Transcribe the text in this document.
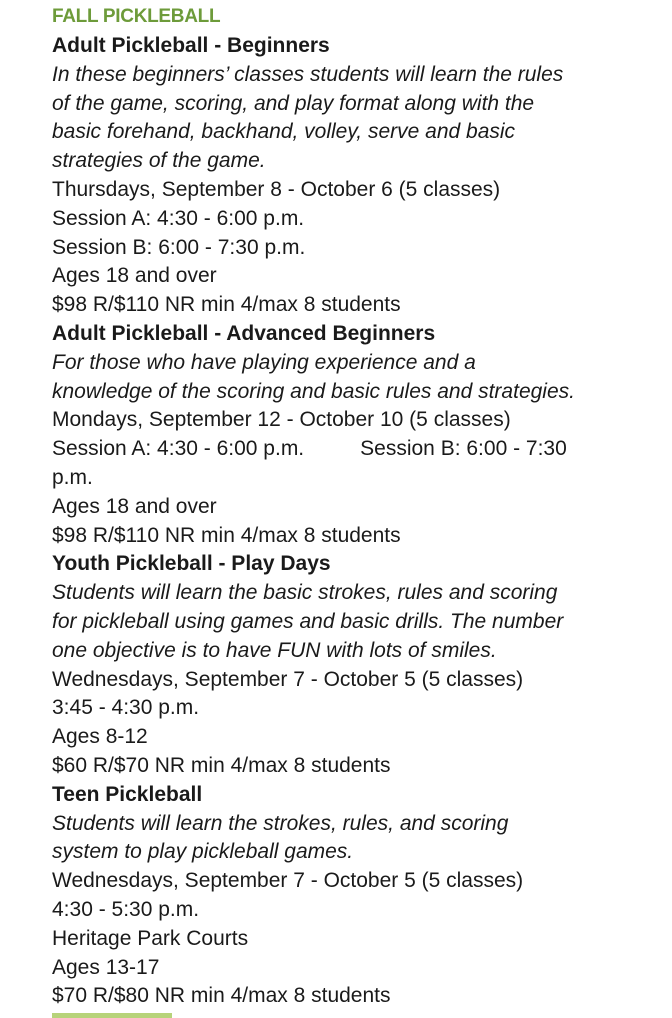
FALL PICKLEBALL
Adult Pickleball - Beginners
In these beginners’ classes students will learn the rules
of the game, scoring, and play format along with the
basic forehand, backhand, volley, serve and basic
strategies of the game.
Thursdays, September 8 - October 6 (5 classes)
Session A: 4:30 - 6:00 p.m.
Session B: 6:00 - 7:30 p.m.
Ages 18 and over
$98 R/$110 NR min 4/max 8 students
Adult Pickleball - Advanced Beginners
For those who have playing experience and a
knowledge of the scoring and basic rules and strategies.
Mondays, September 12 - October 10 (5 classes)
Session A: 4:30 - 6:00 p.m.	Session B: 6:00 - 7:30
p.m.
Ages 18 and over
$98 R/$110 NR min 4/max 8 students
Youth Pickleball - Play Days
Students will learn the basic strokes, rules and scoring
for pickleball using games and basic drills. The number
one objective is to have FUN with lots of smiles.
Wednesdays, September 7 - October 5 (5 classes)
3:45 - 4:30 p.m.
Ages 8-12
$60 R/$70 NR min 4/max 8 students
Teen Pickleball
Students will learn the strokes, rules, and scoring
system to play pickleball games.
Wednesdays, September 7 - October 5 (5 classes)
4:30 - 5:30 p.m.
Heritage Park Courts
Ages 13-17
$70 R/$80 NR min 4/max 8 students
